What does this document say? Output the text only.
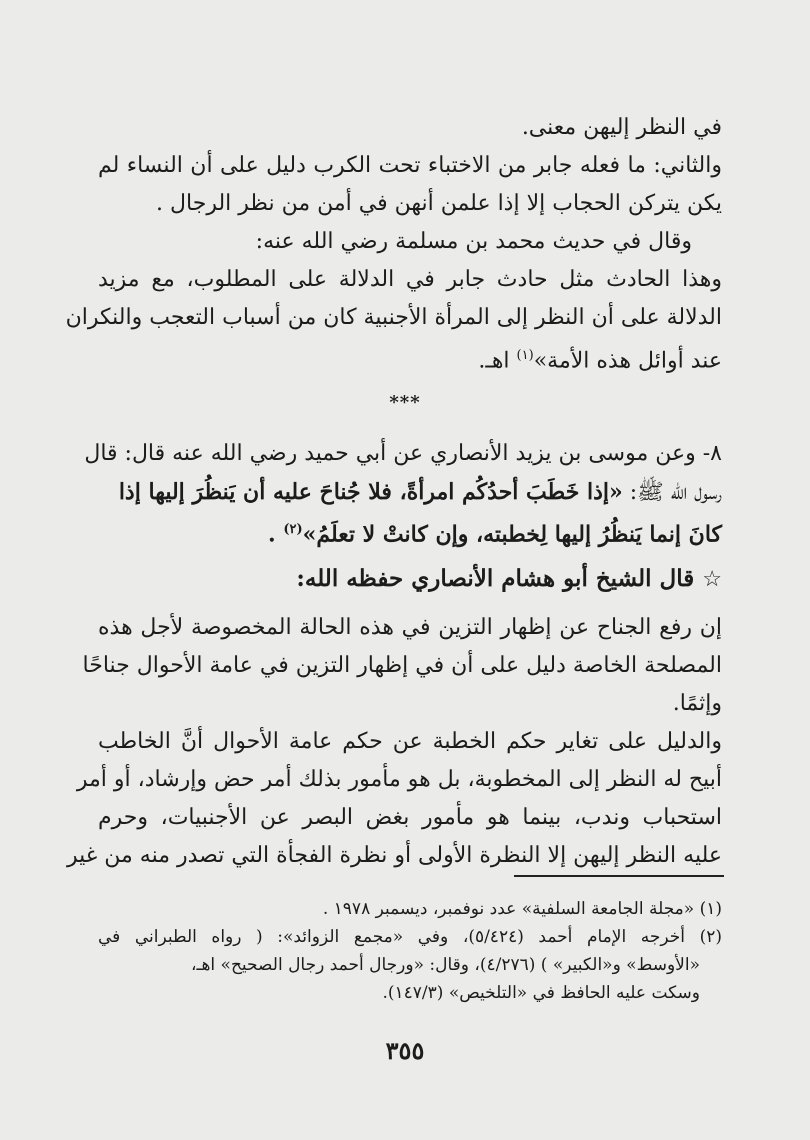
في النظر إليهن معنى.
والثاني: ما فعله جابر من الاختباء تحت الكرب دليل على أن النساء لم
يكن يتركن الحجاب إلا إذا علمن أنهن في أمن من نظر الرجال .
وقال في حديث محمد بن مسلمة رضي الله عنه:
وهذا الحادث مثل حادث جابر في الدلالة على المطلوب، مع مزيد
الدلالة على أن النظر إلى المرأة الأجنبية كان من أسباب التعجب والنكران
عند أوائل هذه الأمة»$^{(١)}$ اهـ.
***
٨- وعن موسى بن يزيد الأنصاري عن أبي حميد رضي الله عنه قال: قال
رسول الله ﷺ: «إذا خَطَبَ أحدُكُم امرأةً، فلا جُناحَ عليه أن يَنظُرَ إليها إذا
كانَ إنما يَنظُرُ إليها لِخطبته، وإن كانتْ لا تعلَمُ»$^{(٢)}$ .
☆قال الشيخ أبو هشام الأنصاري حفظه الله:
إن رفع الجناح عن إظهار التزين في هذه الحالة المخصوصة لأجل هذه
المصلحة الخاصة دليل على أن في إظهار التزين في عامة الأحوال جناحًا
وإثمًا.
والدليل على تغاير حكم الخطبة عن حكم عامة الأحوال أنَّ الخاطب
أبيح له النظر إلى المخطوبة، بل هو مأمور بذلك أمر حض وإرشاد، أو أمر
استحباب وندب، بينما هو مأمور بغض البصر عن الأجنبيات، وحرم
عليه النظر إليهن إلا النظرة الأولى أو نظرة الفجأة التي تصدر منه من غير
(١) «مجلة الجامعة السلفية» عدد نوفمبر، ديسمبر ١٩٧٨ .
(٢) أخرجه الإمام أحمد (٥/٤٢٤)، وفي «مجمع الزوائد»: ( رواه الطبراني في
«الأوسط» و«الكبير» ) (٤/٢٧٦)، وقال: «ورجال أحمد رجال الصحيح» اهـ،
وسكت عليه الحافظ في «التلخيص» (١٤٧/٣).
٣٥٥
